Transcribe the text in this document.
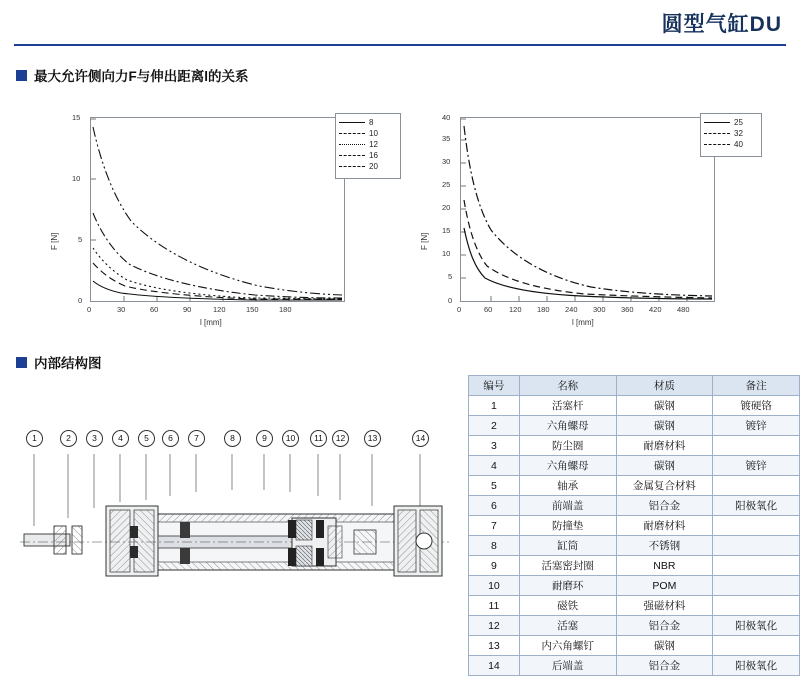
圆型气缸DU
最大允许侧向力F与伸出距离l的关系
F [N]
15
10
5
0
0	30	60	90	120	150	180
l [mm]
8
10
12
16
20
F [N]
40
35
30
25
20
15
10
5
0
0	60 120 180 240 300 360 420 480
l [mm]
25
32
40
内部结构图
1	2	3	4	5	6	7	8	9	10	11	12	13	14
编号	名称	材质	备注
1	活塞杆	碳钢	镀硬铬
2	六角螺母	碳钢	镀锌
3	防尘圈	耐磨材料	
4	六角螺母	碳钢	镀锌
5	轴承	金属复合材料	
6	前端盖	铝合金	阳极氧化
7	防撞垫	耐磨材料	
8	缸筒	不锈钢	
9	活塞密封圈	NBR	
10	耐磨环	POM	
11	磁铁	强磁材料	
12	活塞	铝合金	阳极氧化
13	内六角螺钉	碳钢	
14	后端盖	铝合金	阳极氧化
